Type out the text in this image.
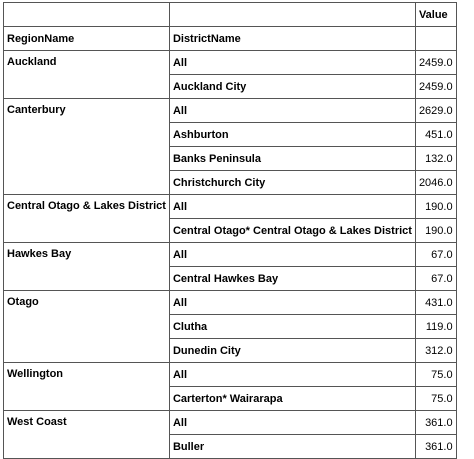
		Value
RegionName	DistrictName	
Auckland	All	2459.0
	Auckland City	2459.0
Canterbury	All	2629.0
	Ashburton	451.0
	Banks Peninsula	132.0
	Christchurch City	2046.0
Central Otago & Lakes District	All	190.0
	Central Otago* Central Otago & Lakes District	190.0
Hawkes Bay	All	67.0
	Central Hawkes Bay	67.0
Otago	All	431.0
	Clutha	119.0
	Dunedin City	312.0
Wellington	All	75.0
	Carterton* Wairarapa	75.0
West Coast	All	361.0
	Buller	361.0
